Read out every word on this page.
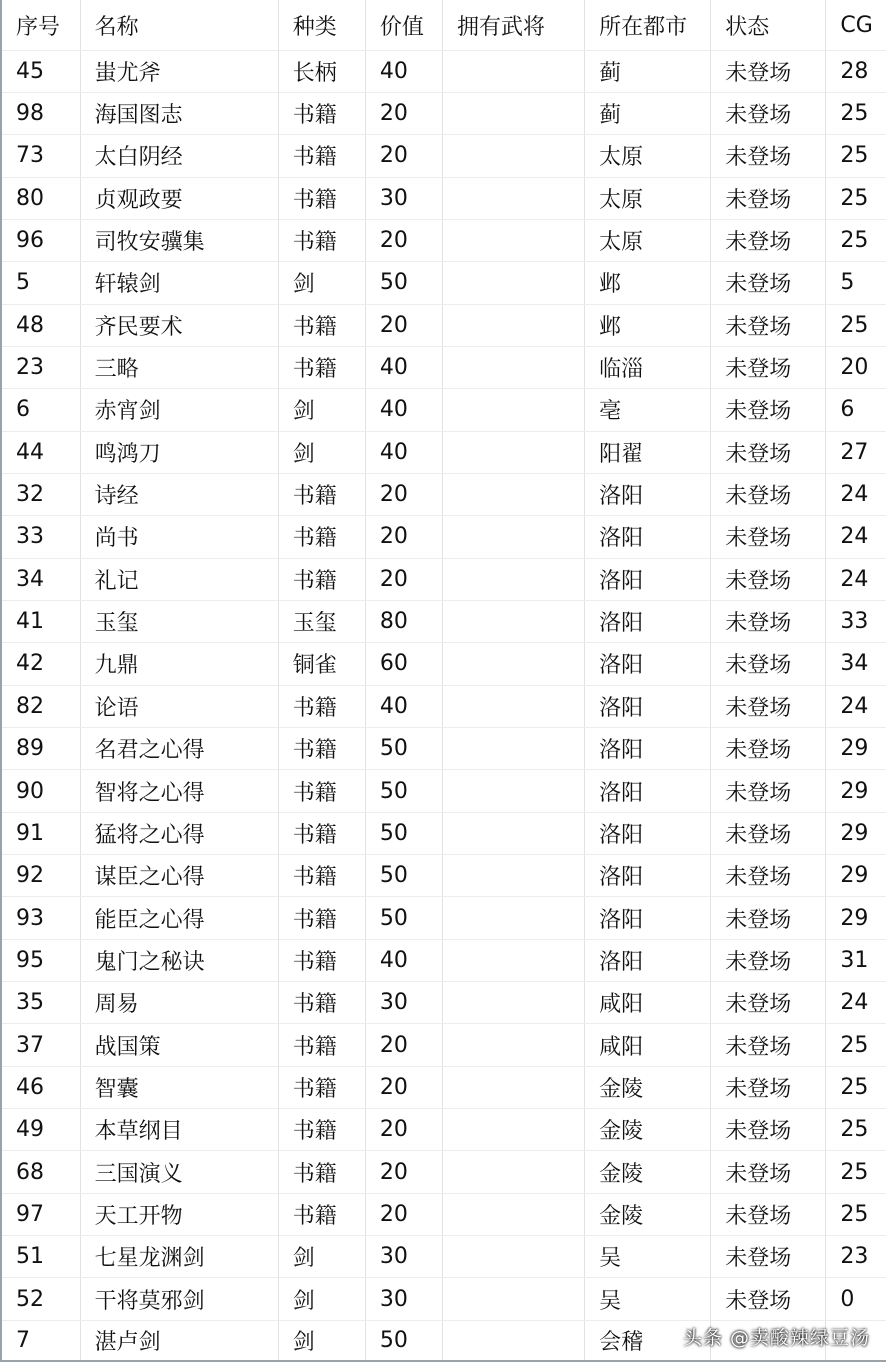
序号	名称	种类	价值	拥有武将	所在都市	状态	CG
45	蚩尤斧	长柄	40		蓟	未登场	28
98	海国图志	书籍	20		蓟	未登场	25
73	太白阴经	书籍	20		太原	未登场	25
80	贞观政要	书籍	30		太原	未登场	25
96	司牧安骥集	书籍	20		太原	未登场	25
5	轩辕剑	剑	50		邺	未登场	5
48	齐民要术	书籍	20		邺	未登场	25
23	三略	书籍	40		临淄	未登场	20
6	赤宵剑	剑	40		亳	未登场	6
44	鸣鸿刀	剑	40		阳翟	未登场	27
32	诗经	书籍	20		洛阳	未登场	24
33	尚书	书籍	20		洛阳	未登场	24
34	礼记	书籍	20		洛阳	未登场	24
41	玉玺	玉玺	80		洛阳	未登场	33
42	九鼎	铜雀	60		洛阳	未登场	34
82	论语	书籍	40		洛阳	未登场	24
89	名君之心得	书籍	50		洛阳	未登场	29
90	智将之心得	书籍	50		洛阳	未登场	29
91	猛将之心得	书籍	50		洛阳	未登场	29
92	谋臣之心得	书籍	50		洛阳	未登场	29
93	能臣之心得	书籍	50		洛阳	未登场	29
95	鬼门之秘诀	书籍	40		洛阳	未登场	31
35	周易	书籍	30		咸阳	未登场	24
37	战国策	书籍	20		咸阳	未登场	25
46	智囊	书籍	20		金陵	未登场	25
49	本草纲目	书籍	20		金陵	未登场	25
68	三国演义	书籍	20		金陵	未登场	25
97	天工开物	书籍	20		金陵	未登场	25
51	七星龙渊剑	剑	30		吴	未登场	23
52	干将莫邪剑	剑	30		吴	未登场	0
7	湛卢剑	剑	50		会稽		头条 @卖酸辣绿豆汤
